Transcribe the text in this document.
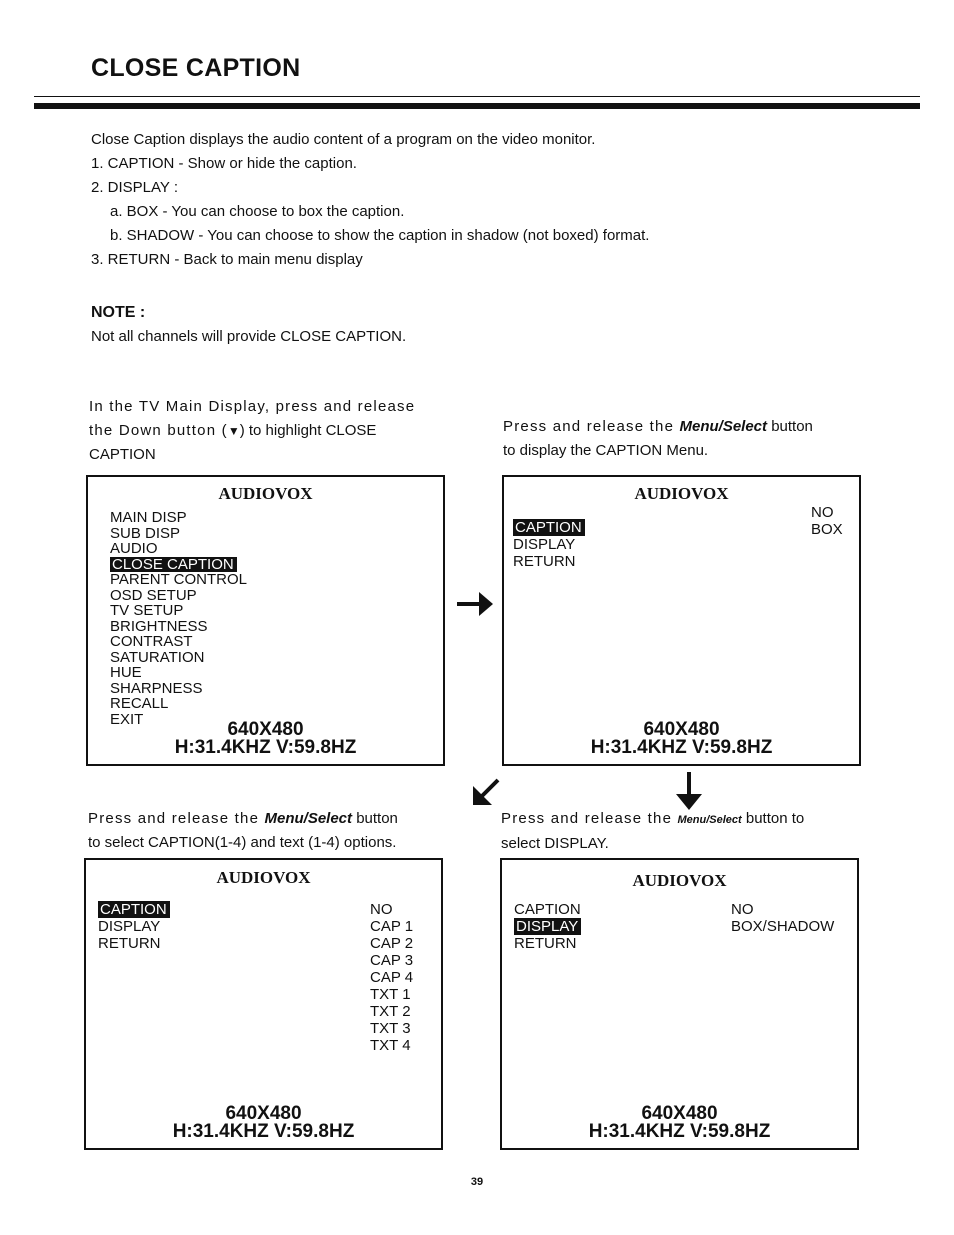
CLOSE CAPTION
Close Caption displays the audio content of a program on the video monitor.
1. CAPTION - Show or hide the caption.
2. DISPLAY :
a. BOX - You can choose to box the caption.
b. SHADOW - You can choose to show the caption in shadow (not boxed) format.
3. RETURN - Back to main menu display
NOTE :
Not all channels will provide CLOSE CAPTION.
In the TV Main Display, press and release
the Down button (▼) to highlight CLOSE
CAPTION
Press and release the Menu/Select button
to display the CAPTION Menu.
AUDIOVOX
MAIN DISP
SUB DISP
AUDIO
CLOSE CAPTION
PARENT CONTROL
OSD SETUP
TV SETUP
BRIGHTNESS
CONTRAST
SATURATION
HUE
SHARPNESS
RECALL
EXIT	640X480
H:31.4KHZ V:59.8HZ
AUDIOVOX
CAPTION
DISPLAY
RETURN
NO
BOX
640X480
H:31.4KHZ V:59.8HZ
Press and release the Menu/Select button
to select CAPTION(1-4) and text (1-4) options.
Press and release the Menu/Select button to
select DISPLAY.
AUDIOVOX
CAPTION
DISPLAY
RETURN
NO
CAP 1
CAP 2
CAP 3
CAP 4
TXT 1
TXT 2
TXT 3
TXT 4
640X480
H:31.4KHZ V:59.8HZ
AUDIOVOX
CAPTION
DISPLAY
RETURN
NO
BOX/SHADOW
640X480
H:31.4KHZ V:59.8HZ
39
